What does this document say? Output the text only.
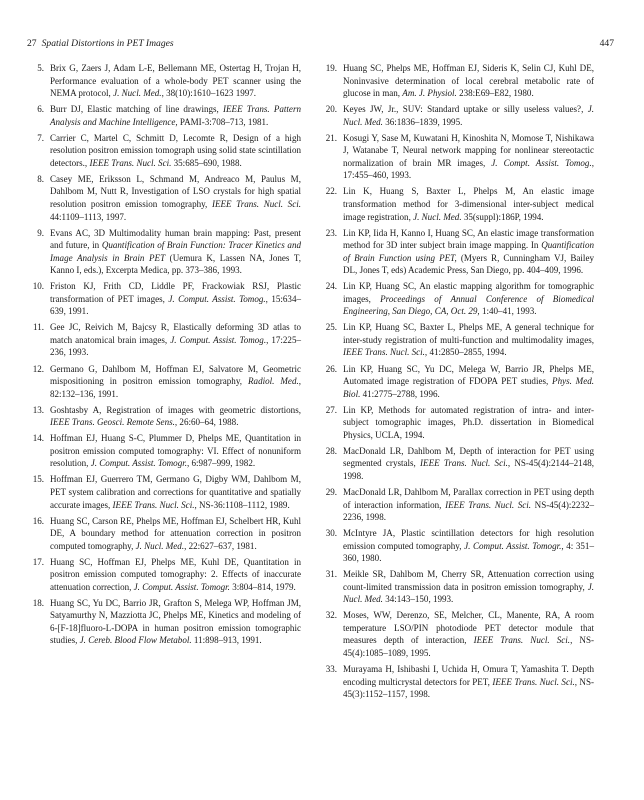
27 Spatial Distortions in PET Images	447
5. Brix G, Zaers J, Adam L-E, Bellemann ME, Ostertag H, Trojan H, Performance evaluation of a whole-body PET scanner using the NEMA protocol, J. Nucl. Med., 38(10):1610–1623 1997.
6. Burr DJ, Elastic matching of line drawings, IEEE Trans. Pattern Analysis and Machine Intelligence, PAMI-3:708–713, 1981.
7. Carrier C, Martel C, Schmitt D, Lecomte R, Design of a high resolution positron emission tomograph using solid state scintillation detectors., IEEE Trans. Nucl. Sci. 35:685–690, 1988.
8. Casey ME, Eriksson L, Schmand M, Andreaco M, Paulus M, Dahlbom M, Nutt R, Investigation of LSO crystals for high spatial resolution positron emission tomography, IEEE Trans. Nucl. Sci. 44:1109–1113, 1997.
9. Evans AC, 3D Multimodality human brain mapping: Past, present and future, in Quantification of Brain Function: Tracer Kinetics and Image Analysis in Brain PET (Uemura K, Lassen NA, Jones T, Kanno I, eds.), Excerpta Medica, pp. 373–386, 1993.
10. Friston KJ, Frith CD, Liddle PF, Frackowiak RSJ, Plastic transformation of PET images, J. Comput. Assist. Tomog., 15:634–639, 1991.
11. Gee JC, Reivich M, Bajcsy R, Elastically deforming 3D atlas to match anatomical brain images, J. Comput. Assist. Tomog., 17:225–236, 1993.
12. Germano G, Dahlbom M, Hoffman EJ, Salvatore M, Geometric mispositioning in positron emission tomography, Radiol. Med., 82:132–136, 1991.
13. Goshtasby A, Registration of images with geometric distortions, IEEE Trans. Geosci. Remote Sens., 26:60–64, 1988.
14. Hoffman EJ, Huang S-C, Plummer D, Phelps ME, Quantitation in positron emission computed tomography: VI. Effect of nonuniform resolution, J. Comput. Assist. Tomogr., 6:987–999, 1982.
15. Hoffman EJ, Guerrero TM, Germano G, Digby WM, Dahlbom M, PET system calibration and corrections for quantitative and spatially accurate images, IEEE Trans. Nucl. Sci., NS-36:1108–1112, 1989.
16. Huang SC, Carson RE, Phelps ME, Hoffman EJ, Schelbert HR, Kuhl DE, A boundary method for attenuation correction in positron computed tomography, J. Nucl. Med., 22:627–637, 1981.
17. Huang SC, Hoffman EJ, Phelps ME, Kuhl DE, Quantitation in positron emission computed tomography: 2. Effects of inaccurate attenuation correction, J. Comput. Assist. Tomogr. 3:804–814, 1979.
18. Huang SC, Yu DC, Barrio JR, Grafton S, Melega WP, Hoffman JM, Satyamurthy N, Mazziotta JC, Phelps ME, Kinetics and modeling of 6-[F-18]fluoro-L-DOPA in human positron emission tomographic studies, J. Cereb. Blood Flow Metabol. 11:898–913, 1991.
19. Huang SC, Phelps ME, Hoffman EJ, Sideris K, Selin CJ, Kuhl DE, Noninvasive determination of local cerebral metabolic rate of glucose in man, Am. J. Physiol. 238:E69–E82, 1980.
20. Keyes JW, Jr., SUV: Standard uptake or silly useless values?, J. Nucl. Med. 36:1836–1839, 1995.
21. Kosugi Y, Sase M, Kuwatani H, Kinoshita N, Momose T, Nishikawa J, Watanabe T, Neural network mapping for nonlinear stereotactic normalization of brain MR images, J. Compt. Assist. Tomog., 17:455–460, 1993.
22. Lin K, Huang S, Baxter L, Phelps M, An elastic image transformation method for 3-dimensional inter-subject medical image registration, J. Nucl. Med. 35(suppl):186P, 1994.
23. Lin KP, Iida H, Kanno I, Huang SC, An elastic image transformation method for 3D inter subject brain image mapping. In Quantification of Brain Function using PET, (Myers R, Cunningham VJ, Bailey DL, Jones T, eds) Academic Press, San Diego, pp. 404–409, 1996.
24. Lin KP, Huang SC, An elastic mapping algorithm for tomographic images, Proceedings of Annual Conference of Biomedical Engineering, San Diego, CA, Oct. 29, 1:40–41, 1993.
25. Lin KP, Huang SC, Baxter L, Phelps ME, A general technique for inter-study registration of multi-function and multimodality images, IEEE Trans. Nucl. Sci., 41:2850–2855, 1994.
26. Lin KP, Huang SC, Yu DC, Melega W, Barrio JR, Phelps ME, Automated image registration of FDOPA PET studies, Phys. Med. Biol. 41:2775–2788, 1996.
27. Lin KP, Methods for automated registration of intra- and inter-subject tomographic images, Ph.D. dissertation in Biomedical Physics, UCLA, 1994.
28. MacDonald LR, Dahlbom M, Depth of interaction for PET using segmented crystals, IEEE Trans. Nucl. Sci., NS-45(4):2144–2148, 1998.
29. MacDonald LR, Dahlbom M, Parallax correction in PET using depth of interaction information, IEEE Trans. Nucl. Sci. NS-45(4):2232–2236, 1998.
30. McIntyre JA, Plastic scintillation detectors for high resolution emission computed tomography, J. Comput. Assist. Tomogr., 4: 351–360, 1980.
31. Meikle SR, Dahlbom M, Cherry SR, Attenuation correction using count-limited transmission data in positron emission tomography, J. Nucl. Med. 34:143–150, 1993.
32. Moses, WW, Derenzo, SE, Melcher, CL, Manente, RA, A room temperature LSO/PIN photodiode PET detector module that measures depth of interaction, IEEE Trans. Nucl. Sci., NS-45(4):1085–1089, 1995.
33. Murayama H, Ishibashi I, Uchida H, Omura T, Yamashita T. Depth encoding multicrystal detectors for PET, IEEE Trans. Nucl. Sci., NS-45(3):1152–1157, 1998.
